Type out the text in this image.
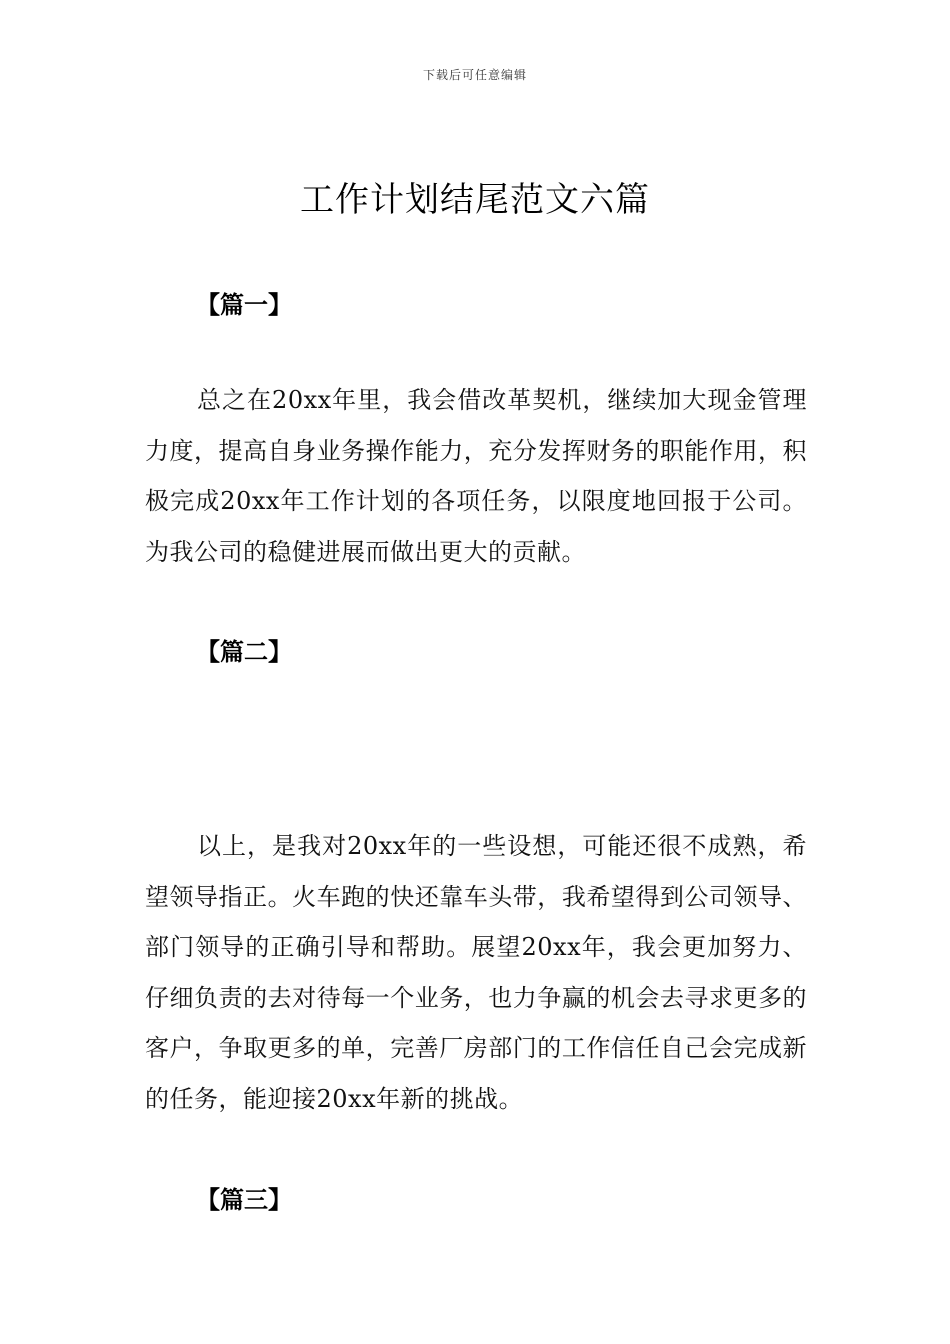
下载后可任意编辑
工作计划结尾范文六篇
【篇一】
总之在20xx年里，我会借改革契机，继续加大现金管理力度，提高自身业务操作能力，充分发挥财务的职能作用，积极完成20xx年工作计划的各项任务，以限度地回报于公司。为我公司的稳健进展而做出更大的贡献。
【篇二】
以上，是我对20xx年的一些设想，可能还很不成熟，希望领导指正。火车跑的快还靠车头带，我希望得到公司领导、部门领导的正确引导和帮助。展望20xx年，我会更加努力、仔细负责的去对待每一个业务，也力争赢的机会去寻求更多的客户，争取更多的单，完善厂房部门的工作信任自己会完成新的任务，能迎接20xx年新的挑战。
【篇三】
